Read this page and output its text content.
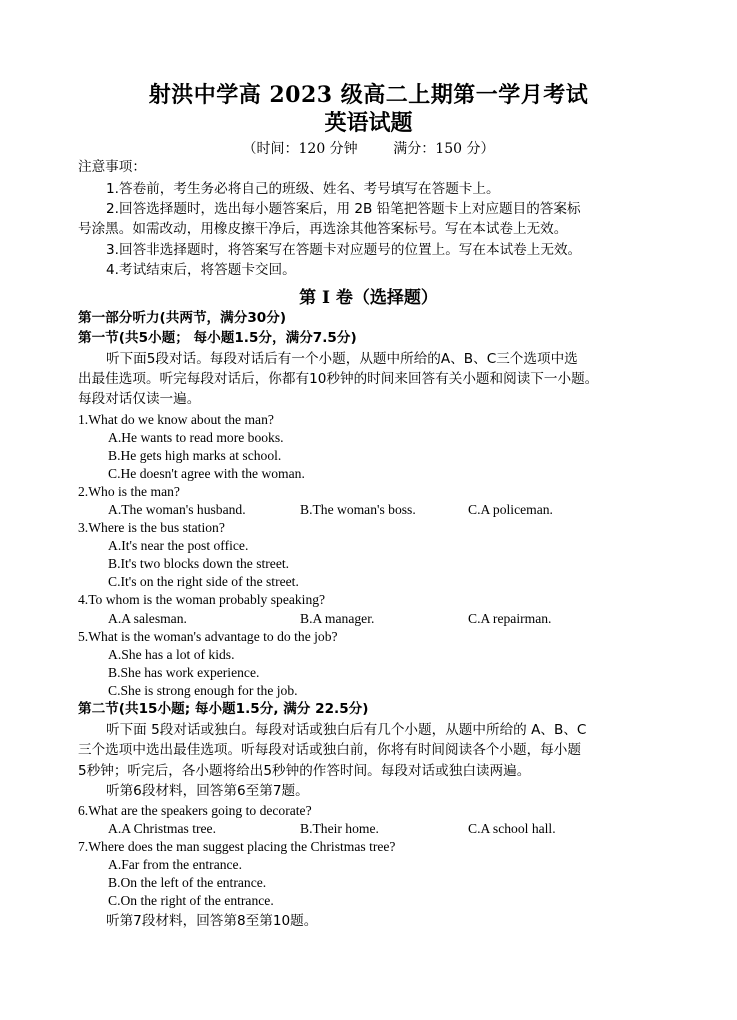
射洪中学高 2023 级高二上期第一学月考试
英语试题
（时间：120 分钟        满分：150 分）
注意事项：
1.答卷前，考生务必将自己的班级、姓名、考号填写在答题卡上。
2.回答选择题时，选出每小题答案后，用 2B 铅笔把答题卡上对应题目的答案标
号涂黑。如需改动，用橡皮擦干净后，再选涂其他答案标号。写在本试卷上无效。
3.回答非选择题时，将答案写在答题卡对应题号的位置上。写在本试卷上无效。
4.考试结束后，将答题卡交回。
第 I 卷（选择题）
第一部分听力(共两节，满分30分)
第一节(共5小题； 每小题1.5分，满分7.5分)
听下面5段对话。每段对话后有一个小题，从题中所给的A、B、C三个选项中选
出最佳选项。听完每段对话后，你都有10秒钟的时间来回答有关小题和阅读下一小题。
每段对话仅读一遍。
1.What do we know about the man?
A.He wants to read more books.
B.He gets high marks at school.
C.He doesn't agree with the woman.
2.Who is the man?
A.The woman's husband.	B.The woman's boss.	C.A policeman.
3.Where is the bus station?
A.It's near the post office.
B.It's two blocks down the street.
C.It's on the right side of the street.
4.To whom is the woman probably speaking?
A.A salesman.	B.A manager.	C.A repairman.
5.What is the woman's advantage to do the job?
A.She has a lot of kids.
B.She has work experience.
C.She is strong enough for the job.
第二节(共15小题; 每小题1.5分, 满分 22.5分)
听下面 5段对话或独白。每段对话或独白后有几个小题，从题中所给的 A、B、C
三个选项中选出最佳选项。听每段对话或独白前，你将有时间阅读各个小题，每小题
5秒钟；听完后，各小题将给出5秒钟的作答时间。每段对话或独白读两遍。
听第6段材料，回答第6至第7题。
6.What are the speakers going to decorate?
A.A Christmas tree.	B.Their home.	C.A school hall.
7.Where does the man suggest placing the Christmas tree?
A.Far from the entrance.
B.On the left of the entrance.
C.On the right of the entrance.
听第7段材料，回答第8至第10题。
